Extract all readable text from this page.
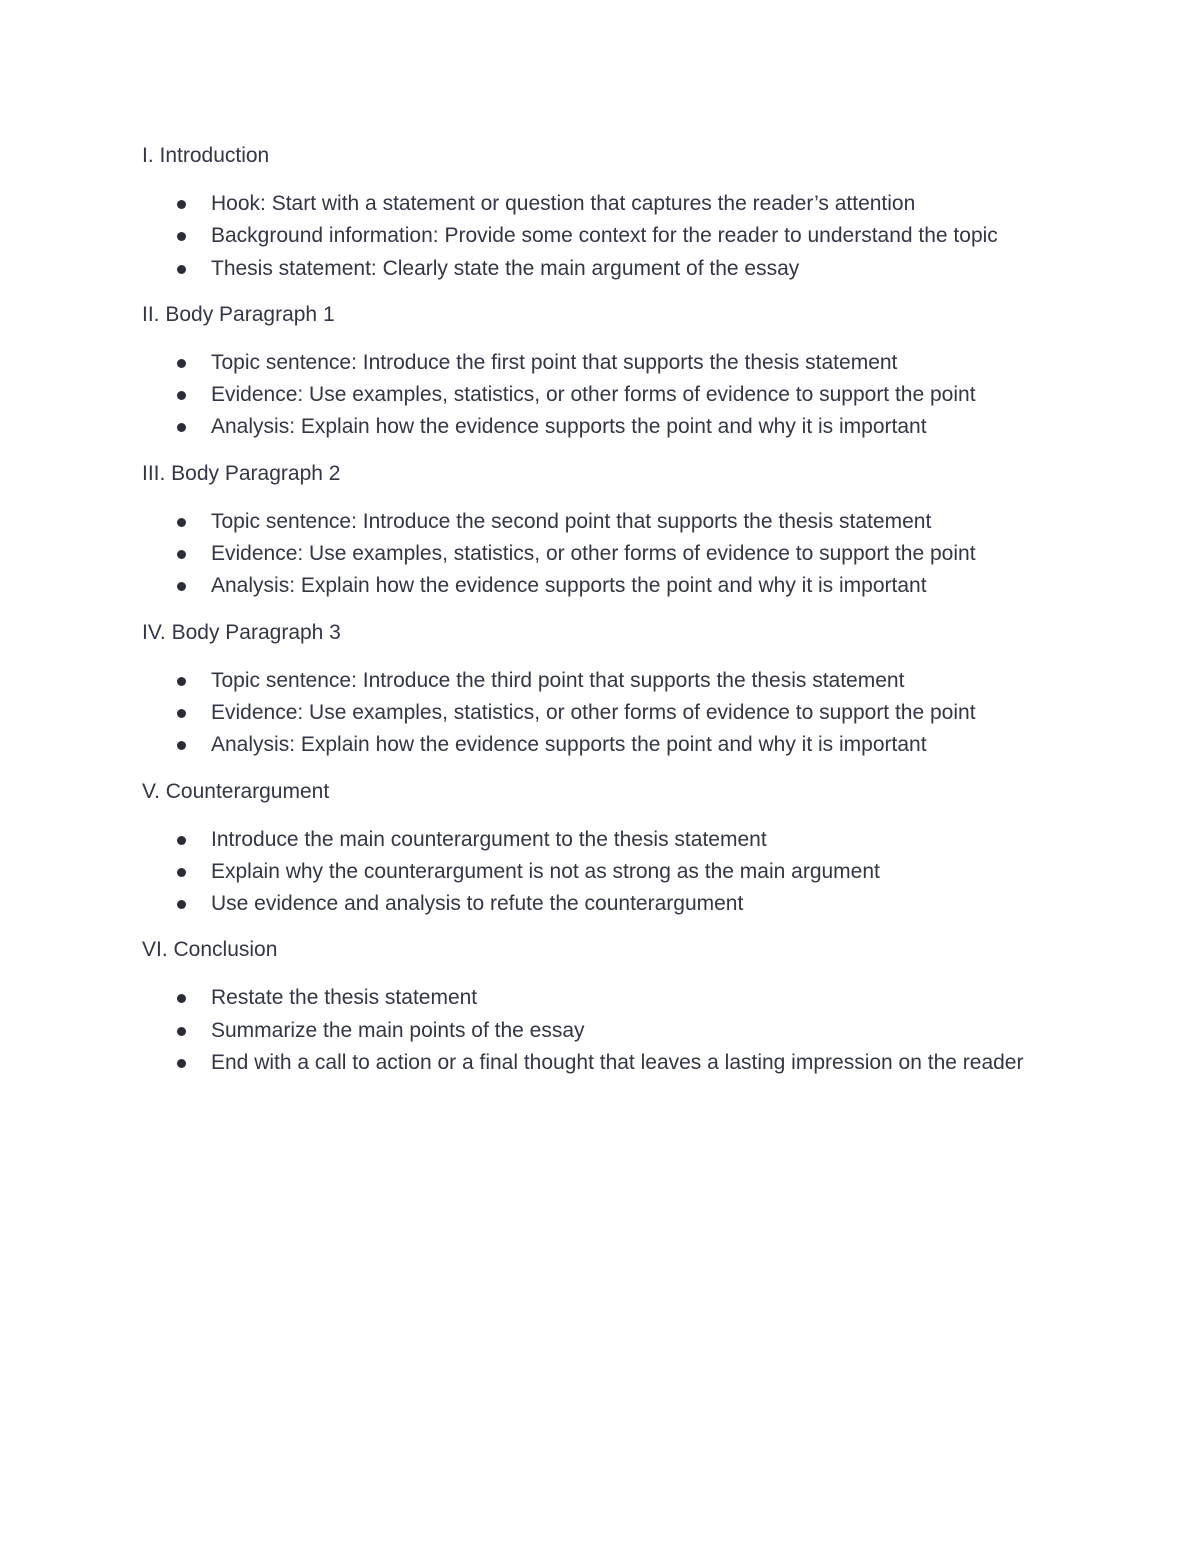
I. Introduction
Hook: Start with a statement or question that captures the reader’s attention
Background information: Provide some context for the reader to understand the topic
Thesis statement: Clearly state the main argument of the essay
II. Body Paragraph 1
Topic sentence: Introduce the first point that supports the thesis statement
Evidence: Use examples, statistics, or other forms of evidence to support the point
Analysis: Explain how the evidence supports the point and why it is important
III. Body Paragraph 2
Topic sentence: Introduce the second point that supports the thesis statement
Evidence: Use examples, statistics, or other forms of evidence to support the point
Analysis: Explain how the evidence supports the point and why it is important
IV. Body Paragraph 3
Topic sentence: Introduce the third point that supports the thesis statement
Evidence: Use examples, statistics, or other forms of evidence to support the point
Analysis: Explain how the evidence supports the point and why it is important
V. Counterargument
Introduce the main counterargument to the thesis statement
Explain why the counterargument is not as strong as the main argument
Use evidence and analysis to refute the counterargument
VI. Conclusion
Restate the thesis statement
Summarize the main points of the essay
End with a call to action or a final thought that leaves a lasting impression on the reader
